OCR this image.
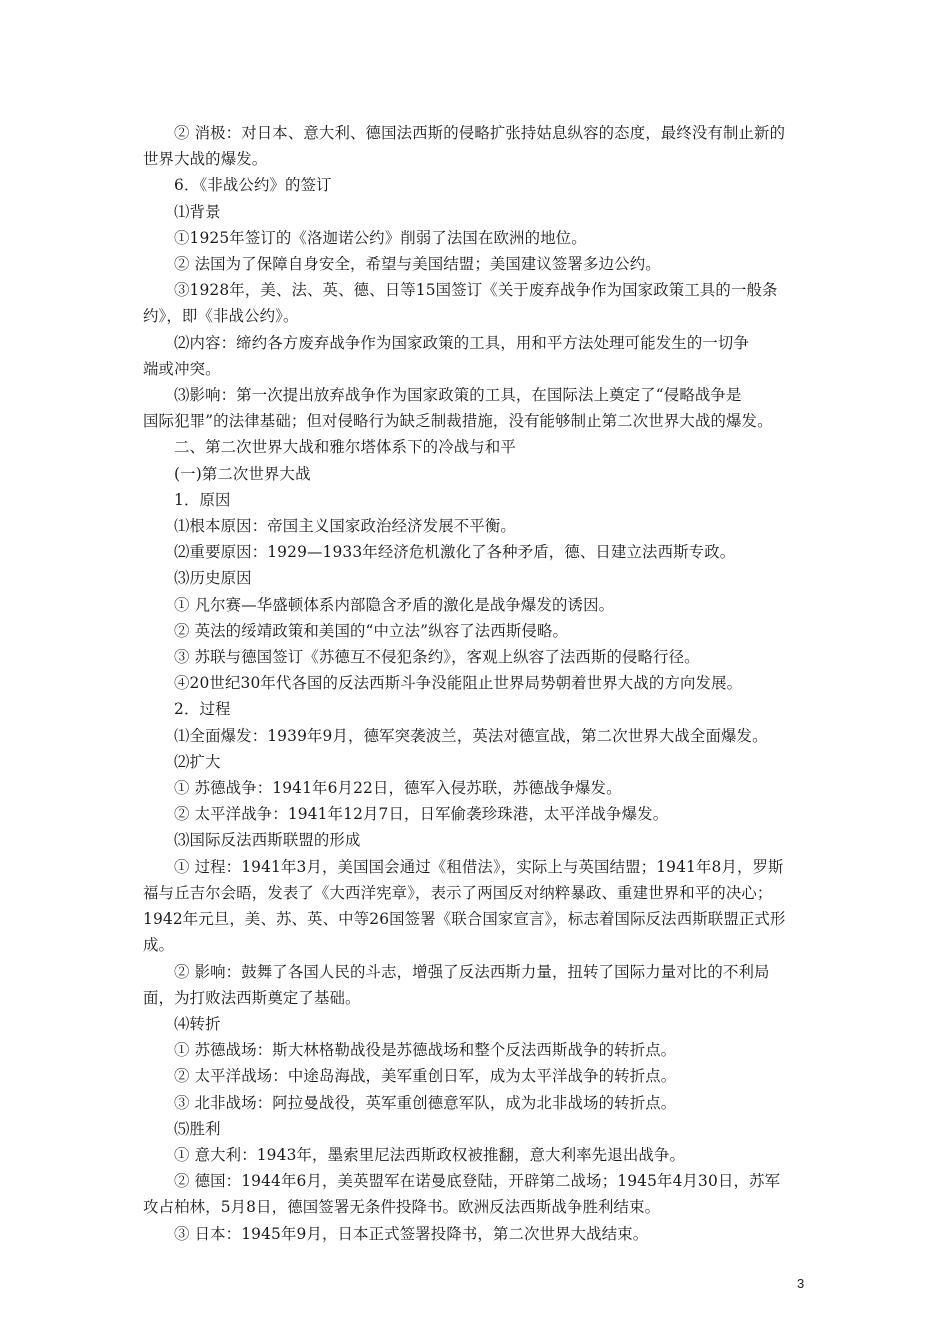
② 消极：对日本、意大利、德国法西斯的侵略扩张持姑息纵容的态度，最终没有制止新的
世界大战的爆发。
6．《非战公约》的签订
⑴背景
①1925年签订的《洛迦诺公约》削弱了法国在欧洲的地位。
② 法国为了保障自身安全，希望与美国结盟；美国建议签署多边公约。
③1928年，美、法、英、德、日等15国签订《关于废弃战争作为国家政策工具的一般条
约》，即《非战公约》。
⑵内容：缔约各方废弃战争作为国家政策的工具，用和平方法处理可能发生的一切争
端或冲突。
⑶影响：第一次提出放弃战争作为国家政策的工具，在国际法上奠定了“侵略战争是
国际犯罪”的法律基础；但对侵略行为缺乏制裁措施，没有能够制止第二次世界大战的爆发。
二、第二次世界大战和雅尔塔体系下的冷战与和平
(一)第二次世界大战
1．原因
⑴根本原因：帝国主义国家政治经济发展不平衡。
⑵重要原因：1929—1933年经济危机激化了各种矛盾，德、日建立法西斯专政。
⑶历史原因
① 凡尔赛—华盛顿体系内部隐含矛盾的激化是战争爆发的诱因。
② 英法的绥靖政策和美国的“中立法”纵容了法西斯侵略。
③ 苏联与德国签订《苏德互不侵犯条约》，客观上纵容了法西斯的侵略行径。
④20世纪30年代各国的反法西斯斗争没能阻止世界局势朝着世界大战的方向发展。
2．过程
⑴全面爆发：1939年9月，德军突袭波兰，英法对德宣战，第二次世界大战全面爆发。
⑵扩大
① 苏德战争：1941年6月22日，德军入侵苏联，苏德战争爆发。
② 太平洋战争：1941年12月7日，日军偷袭珍珠港，太平洋战争爆发。
⑶国际反法西斯联盟的形成
① 过程：1941年3月，美国国会通过《租借法》，实际上与英国结盟；1941年8月，罗斯
福与丘吉尔会晤，发表了《大西洋宪章》，表示了两国反对纳粹暴政、重建世界和平的决心；
1942年元旦，美、苏、英、中等26国签署《联合国家宣言》，标志着国际反法西斯联盟正式形
成。
② 影响：鼓舞了各国人民的斗志，增强了反法西斯力量，扭转了国际力量对比的不利局
面，为打败法西斯奠定了基础。
⑷转折
① 苏德战场：斯大林格勒战役是苏德战场和整个反法西斯战争的转折点。
② 太平洋战场：中途岛海战，美军重创日军，成为太平洋战争的转折点。
③ 北非战场：阿拉曼战役，英军重创德意军队，成为北非战场的转折点。
⑸胜利
① 意大利：1943年，墨索里尼法西斯政权被推翻，意大利率先退出战争。
② 德国：1944年6月，美英盟军在诺曼底登陆，开辟第二战场；1945年4月30日，苏军
攻占柏林，5月8日，德国签署无条件投降书。欧洲反法西斯战争胜利结束。
③ 日本：1945年9月，日本正式签署投降书，第二次世界大战结束。
3
